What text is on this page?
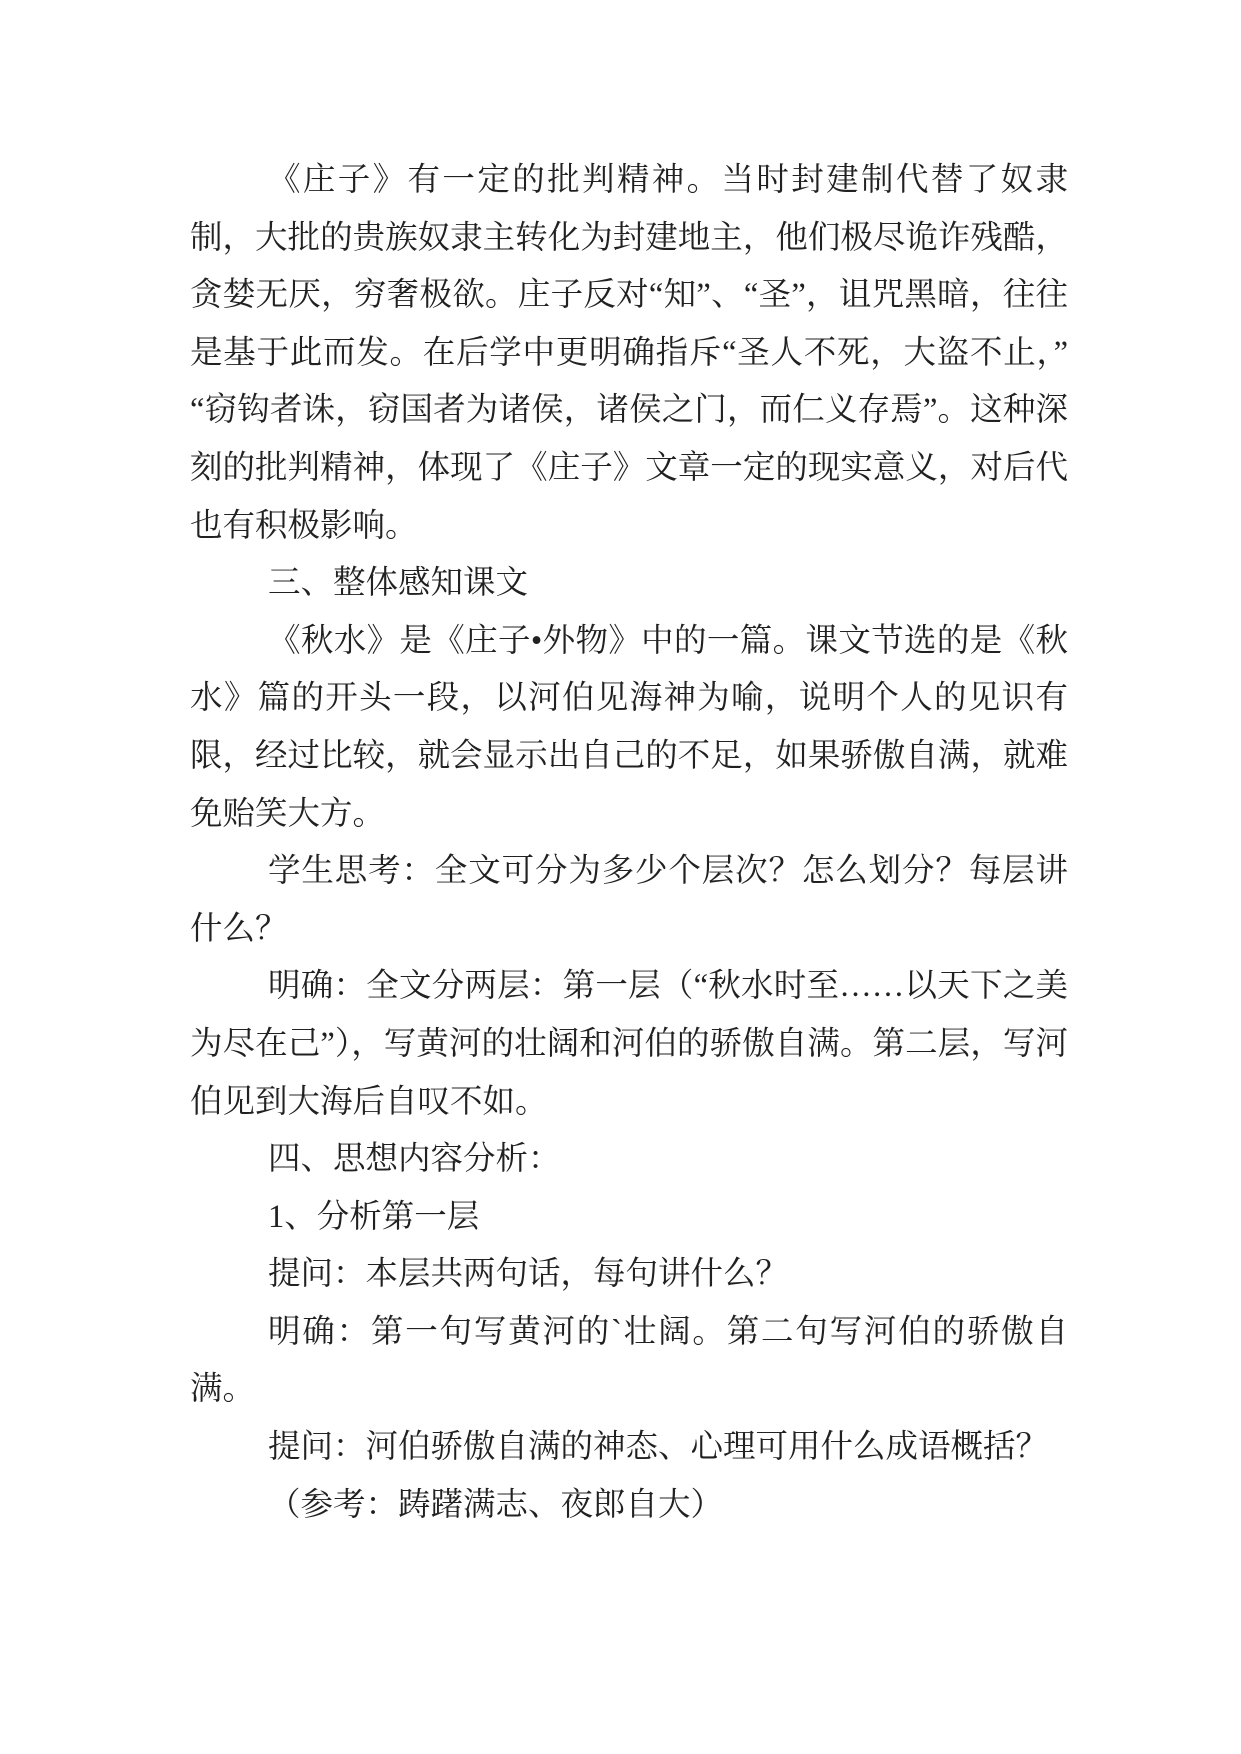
《庄子》有一定的批判精神。当时封建制代替了奴隶制，大批的贵族奴隶主转化为封建地主，他们极尽诡诈残酷，贪婪无厌，穷奢极欲。庄子反对“知”、“圣”，诅咒黑暗，往往是基于此而发。在后学中更明确指斥“圣人不死，大盗不止，”“窃钩者诛，窃国者为诸侯，诸侯之门，而仁义存焉”。这种深刻的批判精神，体现了《庄子》文章一定的现实意义，对后代也有积极影响。

三、整体感知课文

《秋水》是《庄子•外物》中的一篇。课文节选的是《秋水》篇的开头一段，以河伯见海神为喻，说明个人的见识有限，经过比较，就会显示出自己的不足，如果骄傲自满，就难免贻笑大方。

学生思考：全文可分为多少个层次？怎么划分？每层讲什么？

明确：全文分两层：第一层（“秋水时至……以天下之美为尽在己”），写黄河的壮阔和河伯的骄傲自满。第二层，写河伯见到大海后自叹不如。

四、思想内容分析：

1、分析第一层

提问：本层共两句话，每句讲什么？

明确：第一句写黄河的`壮阔。第二句写河伯的骄傲自满。

提问：河伯骄傲自满的神态、心理可用什么成语概括？

（参考：踌躇满志、夜郎自大）
